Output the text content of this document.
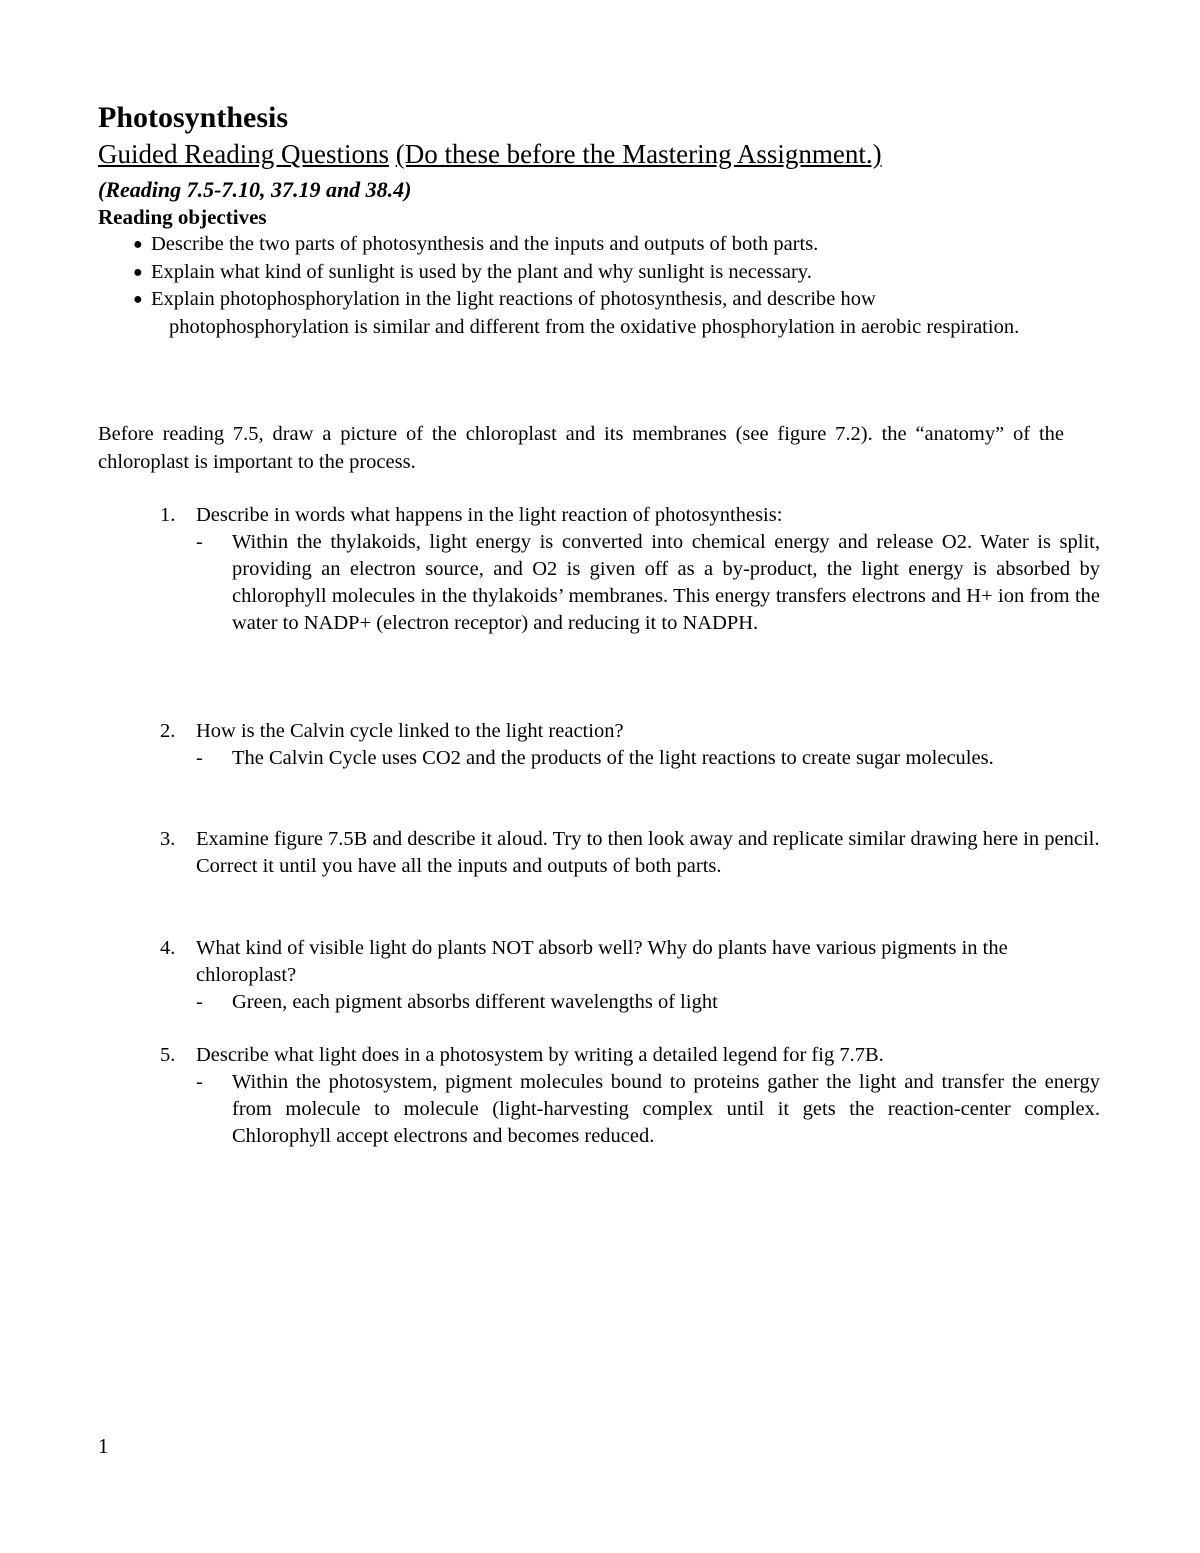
Photosynthesis
Guided Reading Questions (Do these before the Mastering Assignment.)
(Reading 7.5-7.10, 37.19 and 38.4)
Reading objectives
● Describe the two parts of photosynthesis and the inputs and outputs of both parts.
● Explain what kind of sunlight is used by the plant and why sunlight is necessary.
● Explain photophosphorylation in the light reactions of photosynthesis, and describe how
photophosphorylation is similar and different from the oxidative phosphorylation in aerobic respiration.

Before reading 7.5, draw a picture of the chloroplast and its membranes (see figure 7.2). the “anatomy” of the chloroplast is important to the process.

1. Describe in words what happens in the light reaction of photosynthesis:
- Within the thylakoids, light energy is converted into chemical energy and release O2. Water is split, providing an electron source, and O2 is given off as a by-product, the light energy is absorbed by chlorophyll molecules in the thylakoids’ membranes. This energy transfers electrons and H+ ion from the water to NADP+ (electron receptor) and reducing it to NADPH.
2. How is the Calvin cycle linked to the light reaction?
- The Calvin Cycle uses CO2 and the products of the light reactions to create sugar molecules.
3. Examine figure 7.5B and describe it aloud. Try to then look away and replicate similar drawing here in pencil. Correct it until you have all the inputs and outputs of both parts.
4. What kind of visible light do plants NOT absorb well? Why do plants have various pigments in the chloroplast?
- Green, each pigment absorbs different wavelengths of light
5. Describe what light does in a photosystem by writing a detailed legend for fig 7.7B.
- Within the photosystem, pigment molecules bound to proteins gather the light and transfer the energy from molecule to molecule (light-harvesting complex until it gets the reaction-center complex. Chlorophyll accept electrons and becomes reduced.
1
